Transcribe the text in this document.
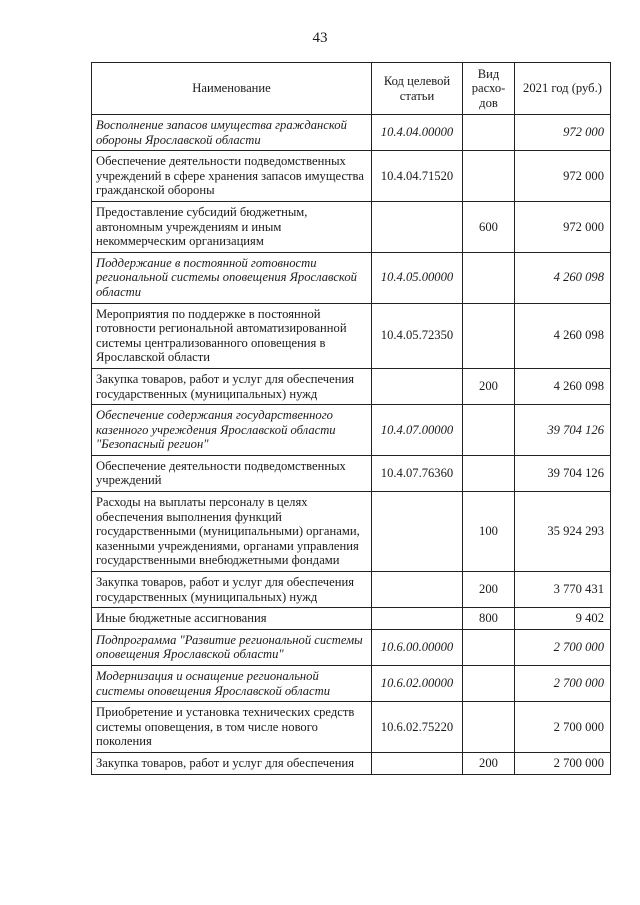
43
Наименование	Код целевой статьи	Вид расхо-дов	2021 год (руб.)
Восполнение запасов имущества гражданской обороны Ярославской области	10.4.04.00000		972 000
Обеспечение деятельности подведомственных учреждений в сфере хранения запасов имущества гражданской обороны	10.4.04.71520		972 000
Предоставление субсидий бюджетным, автономным учреждениям и иным некоммерческим организациям		600	972 000
Поддержание в постоянной готовности региональной системы оповещения Ярославской области	10.4.05.00000		4 260 098
Мероприятия по поддержке в постоянной готовности региональной автоматизированной системы централизованного оповещения в Ярославской области	10.4.05.72350		4 260 098
Закупка товаров, работ и услуг для обеспечения государственных (муниципальных) нужд		200	4 260 098
Обеспечение содержания государственного казенного учреждения Ярославской области "Безопасный регион"	10.4.07.00000		39 704 126
Обеспечение деятельности подведомственных учреждений	10.4.07.76360		39 704 126
Расходы на выплаты персоналу в целях обеспечения выполнения функций государственными (муниципальными) органами, казенными учреждениями, органами управления государственными внебюджетными фондами		100	35 924 293
Закупка товаров, работ и услуг для обеспечения государственных (муниципальных) нужд		200	3 770 431
Иные бюджетные ассигнования		800	9 402
Подпрограмма "Развитие региональной системы оповещения Ярославской области"	10.6.00.00000		2 700 000
Модернизация и оснащение региональной системы оповещения Ярославской области	10.6.02.00000		2 700 000
Приобретение и установка технических средств системы оповещения, в том числе нового поколения	10.6.02.75220		2 700 000
Закупка товаров, работ и услуг для обеспечения		200	2 700 000
